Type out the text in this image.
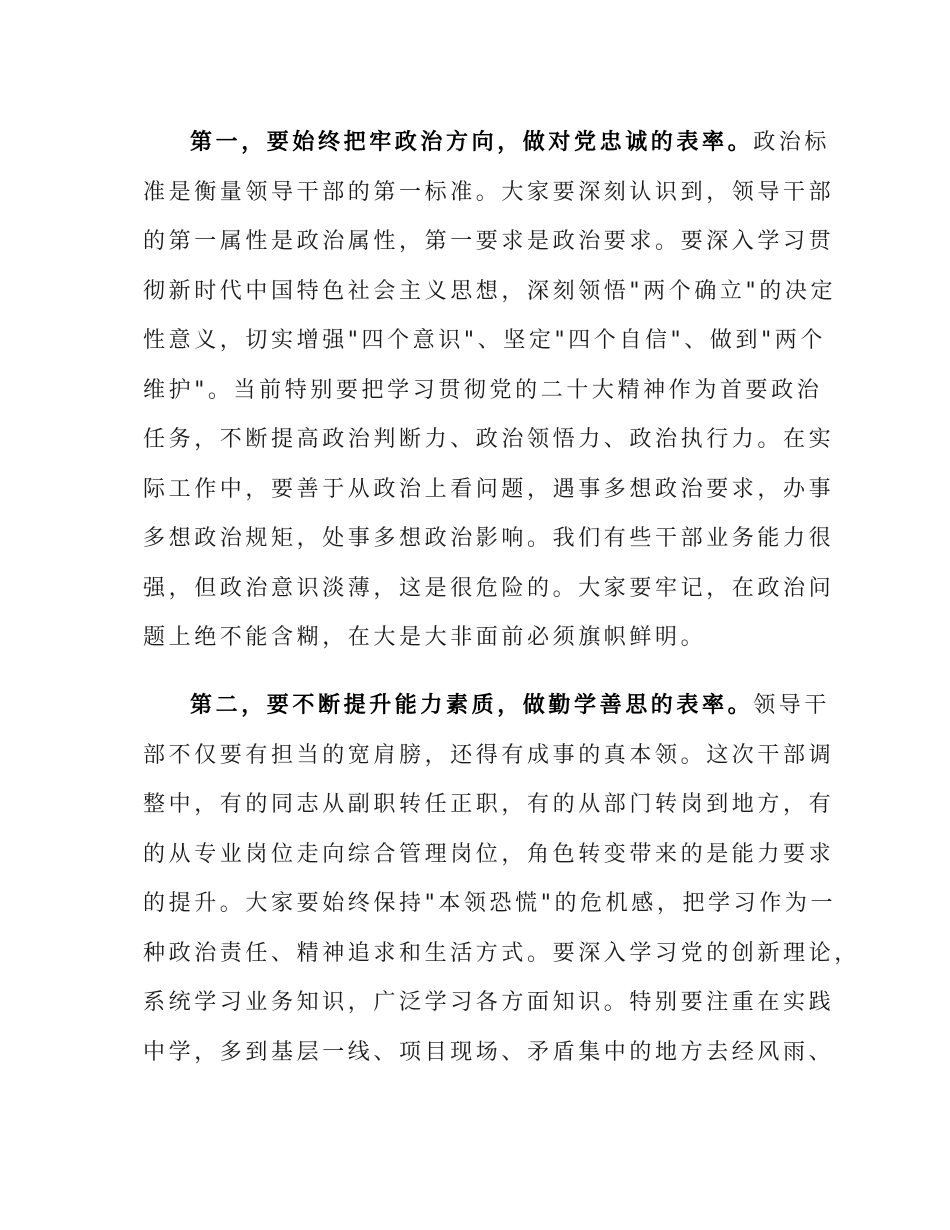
第一，要始终把牢政治方向，做对党忠诚的表率。政治标
准是衡量领导干部的第一标准。大家要深刻认识到，领导干部
的第一属性是政治属性，第一要求是政治要求。要深入学习贯
彻新时代中国特色社会主义思想，深刻领悟"两个确立"的决定
性意义，切实增强"四个意识"、坚定"四个自信"、做到"两个
维护"。当前特别要把学习贯彻党的二十大精神作为首要政治
任务，不断提高政治判断力、政治领悟力、政治执行力。在实
际工作中，要善于从政治上看问题，遇事多想政治要求，办事
多想政治规矩，处事多想政治影响。我们有些干部业务能力很
强，但政治意识淡薄，这是很危险的。大家要牢记，在政治问
题上绝不能含糊，在大是大非面前必须旗帜鲜明。
第二，要不断提升能力素质，做勤学善思的表率。领导干
部不仅要有担当的宽肩膀，还得有成事的真本领。这次干部调
整中，有的同志从副职转任正职，有的从部门转岗到地方，有
的从专业岗位走向综合管理岗位，角色转变带来的是能力要求
的提升。大家要始终保持"本领恐慌"的危机感，把学习作为一
种政治责任、精神追求和生活方式。要深入学习党的创新理论，
系统学习业务知识，广泛学习各方面知识。特别要注重在实践
中学，多到基层一线、项目现场、矛盾集中的地方去经风雨、
